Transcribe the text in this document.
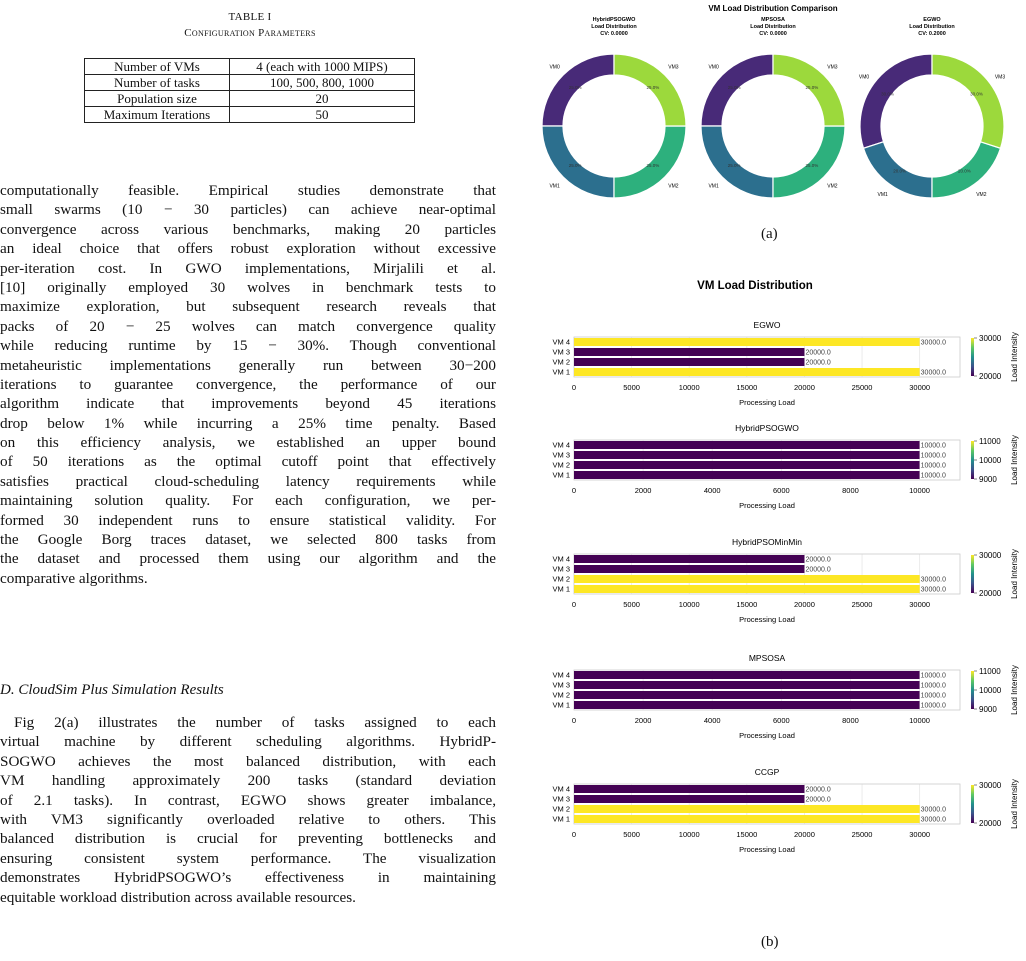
TABLE I
Configuration Parameters
Number of VMs	4 (each with 1000 MIPS)
Number of tasks	100, 500, 800, 1000
Population size	20
Maximum Iterations	50
computationally feasible. Empirical studies demonstrate that
small swarms (10 − 30 particles) can achieve near-optimal
convergence across various benchmarks, making 20 particles
an ideal choice that offers robust exploration without excessive
per-iteration cost. In GWO implementations, Mirjalili et al.
[10] originally employed 30 wolves in benchmark tests to
maximize exploration, but subsequent research reveals that
packs of 20 − 25 wolves can match convergence quality
while reducing runtime by 15 − 30%. Though conventional
metaheuristic implementations generally run between 30−200
iterations to guarantee convergence, the performance of our
algorithm indicate that improvements beyond 45 iterations
drop below 1% while incurring a 25% time penalty. Based
on this efficiency analysis, we established an upper bound
of 50 iterations as the optimal cutoff point that effectively
satisfies practical cloud-scheduling latency requirements while
maintaining solution quality. For each configuration, we per-
formed 30 independent runs to ensure statistical validity. For
the Google Borg traces dataset, we selected 800 tasks from
the dataset and processed them using our algorithm and the
comparative algorithms.
D. CloudSim Plus Simulation Results
Fig 2(a) illustrates the number of tasks assigned to each
virtual machine by different scheduling algorithms. HybridP-
SOGWO achieves the most balanced distribution, with each
VM handling approximately 200 tasks (standard deviation
of 2.1 tasks). In contrast, EGWO shows greater imbalance,
with VM3 significantly overloaded relative to others. This
balanced distribution is crucial for preventing bottlenecks and
ensuring consistent system performance. The visualization
demonstrates HybridPSOGWO’s effectiveness in maintaining
equitable workload distribution across available resources.
VM Load Distribution Comparison
HybridPSOGWO
Load Distribution
CV: 0.0000
VM0
25.0%
VM1
25.0%
VM2
25.0%
VM3
25.0%
MPSOSA
Load Distribution
CV: 0.0000
VM0
25.0%
VM1
25.0%
VM2
25.0%
VM3
25.0%
EGWO
Load Distribution
CV: 0.2000
VM0
30.0%
VM1
20.0%
VM2
20.0%
VM3
30.0%
(a)
VM Load Distribution
EGWO
30000.0
VM 1
20000.0
VM 2
20000.0
VM 3
30000.0
VM 4
0	5000	10000	15000	20000	25000	30000
Processing Load
30000
20000 Load Intensity
HybridPSOGWO
10000.0
VM 1
10000.0
VM 2
10000.0
VM 3
10000.0
VM 4
0	2000	4000	6000	8000	10000
Processing Load
11000
10000
9000 Load Intensity
HybridPSOMinMin
30000.0
VM 1
30000.0
VM 2
20000.0
VM 3
20000.0
VM 4
0	5000	10000	15000	20000	25000	30000
Processing Load
30000
20000 Load Intensity
MPSOSA
10000.0
VM 1
10000.0
VM 2
10000.0
VM 3
10000.0
VM 4
0	2000	4000	6000	8000	10000
Processing Load
11000
10000
9000 Load Intensity
CCGP
30000.0
VM 1
30000.0
VM 2
20000.0
VM 3
20000.0
VM 4
0	5000	10000	15000	20000	25000	30000
Processing Load
30000
20000 Load Intensity
(b)
